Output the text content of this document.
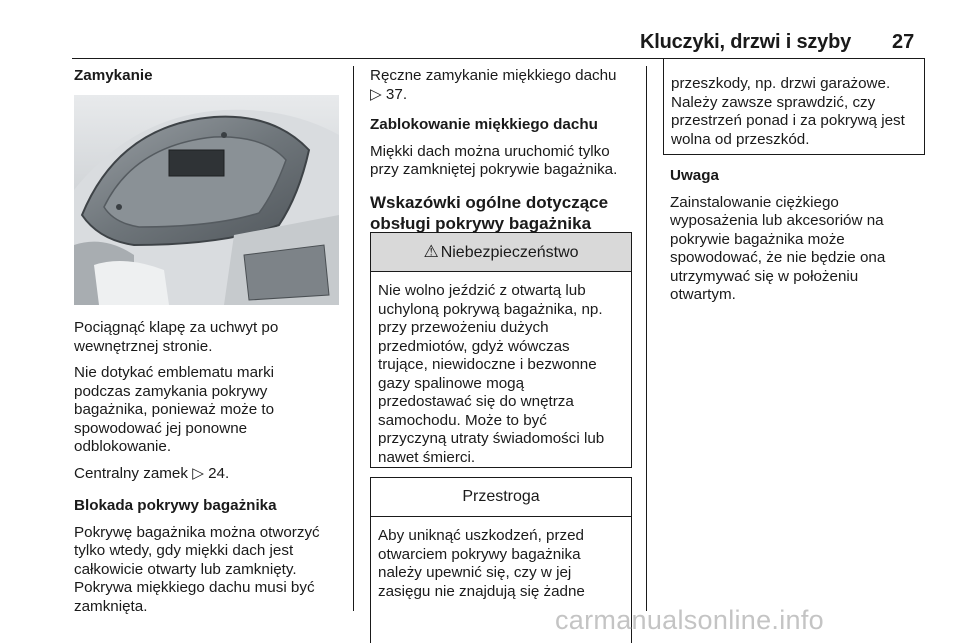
Kluczyki, drzwi i szyby 27

Zamykanie

Pociągnąć klapę za uchwyt po
wewnętrznej stronie.

Nie dotykać emblematu marki
podczas zamykania pokrywy
bagażnika, ponieważ może to
spowodować jej ponowne
odblokowanie.

Centralny zamek ▷ 24.

Blokada pokrywy bagażnika

Pokrywę bagażnika można otworzyć
tylko wtedy, gdy miękki dach jest
całkowicie otwarty lub zamknięty.
Pokrywa miękkiego dachu musi być
zamknięta.

Ręczne zamykanie miękkiego dachu
▷ 37.

Zablokowanie miękkiego dachu

Miękki dach można uruchomić tylko
przy zamkniętej pokrywie bagażnika.

Wskazówki ogólne dotyczące
obsługi pokrywy bagażnika
⚠ Niebezpieczeństwo
Nie wolno jeździć z otwartą lub
uchyloną pokrywą bagażnika, np.
przy przewożeniu dużych
przedmiotów, gdyż wówczas
trujące, niewidoczne i bezwonne
gazy spalinowe mogą
przedostawać się do wnętrza
samochodu. Może to być
przyczyną utraty świadomości lub
nawet śmierci.
Przestroga
Aby uniknąć uszkodzeń, przed
otwarciem pokrywy bagażnika
należy upewnić się, czy w jej
zasięgu nie znajdują się żadne
przeszkody, np. drzwi garażowe.
Należy zawsze sprawdzić, czy
przestrzeń ponad i za pokrywą jest
wolna od przeszkód.

Uwaga

Zainstalowanie ciężkiego
wyposażenia lub akcesoriów na
pokrywie bagażnika może
spowodować, że nie będzie ona
utrzymywać się w położeniu
otwartym.

carmanualsonline.info
